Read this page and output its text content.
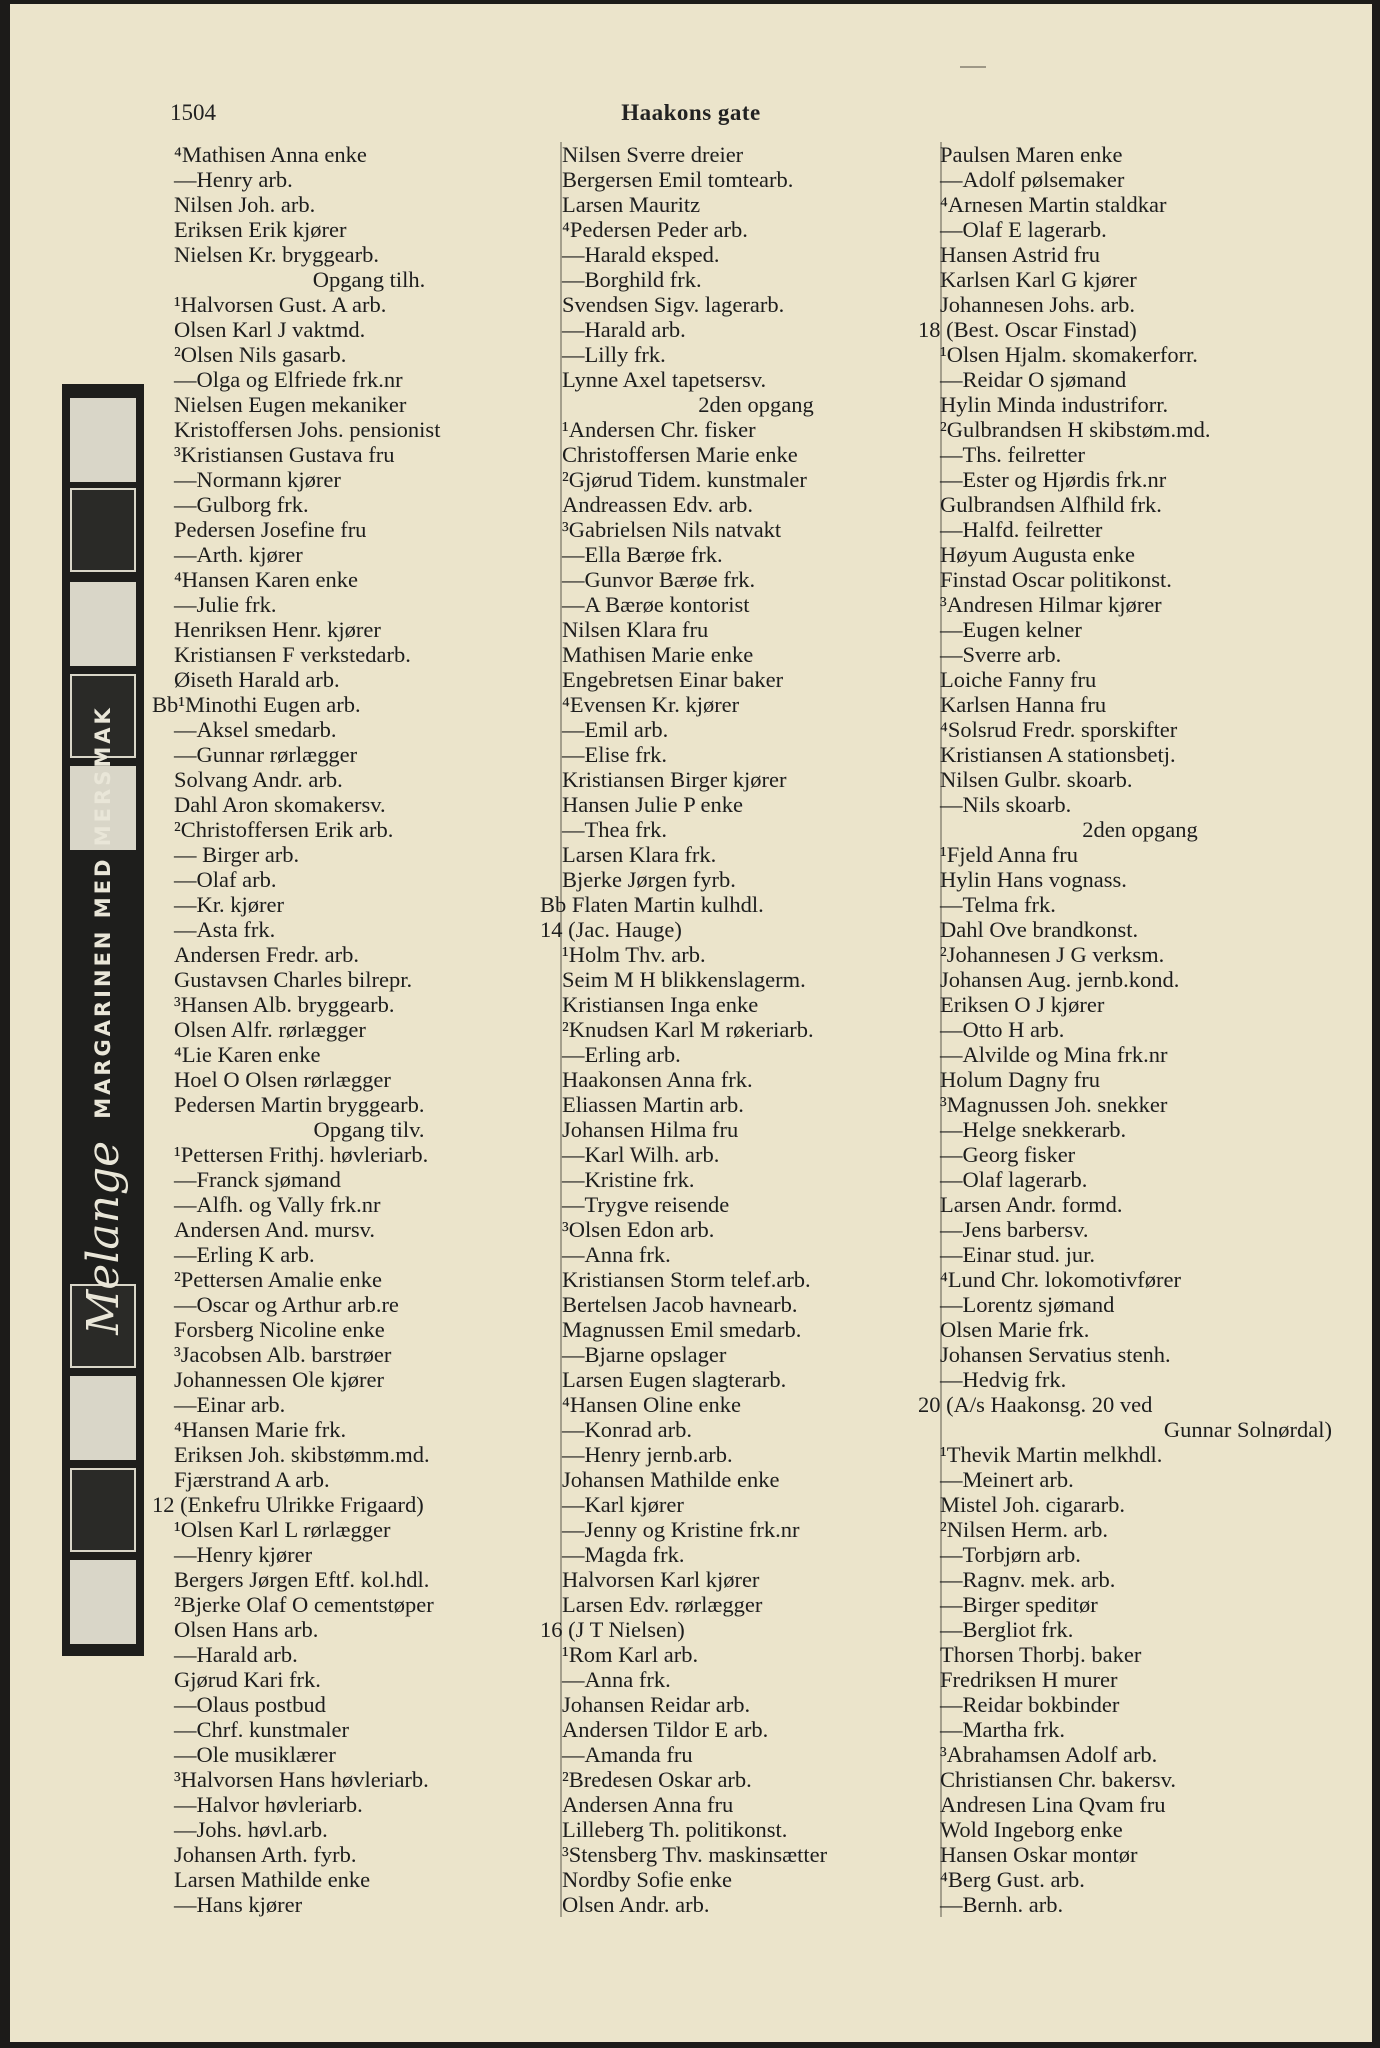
1504	Haakons gate
Melange
MARGARINEN MED MERSMAK
⁴Mathisen Anna enke
—Henry arb.
Nilsen Joh. arb.
Eriksen Erik kjører
Nielsen Kr. bryggearb.
Opgang tilh.
¹Halvorsen Gust. A arb.
Olsen Karl J vaktmd.
²Olsen Nils gasarb.
—Olga og Elfriede frk.nr
Nielsen Eugen mekaniker
Kristoffersen Johs. pensionist
³Kristiansen Gustava fru
—Normann kjører
—Gulborg frk.
Pedersen Josefine fru
—Arth. kjører
⁴Hansen Karen enke
—Julie frk.
Henriksen Henr. kjører
Kristiansen F verkstedarb.
Øiseth Harald arb.
Bb¹Minothi Eugen arb.
—Aksel smedarb.
—Gunnar rørlægger
Solvang Andr. arb.
Dahl Aron skomakersv.
²Christoffersen Erik arb.
— Birger arb.
—Olaf arb.
—Kr. kjører
—Asta frk.
Andersen Fredr. arb.
Gustavsen Charles bilrepr.
³Hansen Alb. bryggearb.
Olsen Alfr. rørlægger
⁴Lie Karen enke
Hoel O Olsen rørlægger
Pedersen Martin bryggearb.
Opgang tilv.
¹Pettersen Frithj. høvleriarb.
—Franck sjømand
—Alfh. og Vally frk.nr
Andersen And. mursv.
—Erling K arb.
²Pettersen Amalie enke
—Oscar og Arthur arb.re
Forsberg Nicoline enke
³Jacobsen Alb. barstrøer
Johannessen Ole kjører
—Einar arb.
⁴Hansen Marie frk.
Eriksen Joh. skibstømm.md.
Fjærstrand A arb.
12 (Enkefru Ulrikke Frigaard)
¹Olsen Karl L rørlægger
—Henry kjører
Bergers Jørgen Eftf. kol.hdl.
²Bjerke Olaf O cementstøper
Olsen Hans arb.
—Harald arb.
Gjørud Kari frk.
—Olaus postbud
—Chrf. kunstmaler
—Ole musiklærer
³Halvorsen Hans høvleriarb.
—Halvor høvleriarb.
—Johs. høvl.arb.
Johansen Arth. fyrb.
Larsen Mathilde enke
—Hans kjører
Nilsen Sverre dreier
Bergersen Emil tomtearb.
Larsen Mauritz
⁴Pedersen Peder arb.
—Harald eksped.
—Borghild frk.
Svendsen Sigv. lagerarb.
—Harald arb.
—Lilly frk.
Lynne Axel tapetsersv.
2den opgang
¹Andersen Chr. fisker
Christoffersen Marie enke
²Gjørud Tidem. kunstmaler
Andreassen Edv. arb.
³Gabrielsen Nils natvakt
—Ella Bærøe frk.
—Gunvor Bærøe frk.
—A Bærøe kontorist
Nilsen Klara fru
Mathisen Marie enke
Engebretsen Einar baker
⁴Evensen Kr. kjører
—Emil arb.
—Elise frk.
Kristiansen Birger kjører
Hansen Julie P enke
—Thea frk.
Larsen Klara frk.
Bjerke Jørgen fyrb.
Bb Flaten Martin kulhdl.
14 (Jac. Hauge)
¹Holm Thv. arb.
Seim M H blikkenslagerm.
Kristiansen Inga enke
²Knudsen Karl M røkeriarb.
—Erling arb.
Haakonsen Anna frk.
Eliassen Martin arb.
Johansen Hilma fru
—Karl Wilh. arb.
—Kristine frk.
—Trygve reisende
³Olsen Edon arb.
—Anna frk.
Kristiansen Storm telef.arb.
Bertelsen Jacob havnearb.
Magnussen Emil smedarb.
—Bjarne opslager
Larsen Eugen slagterarb.
⁴Hansen Oline enke
—Konrad arb.
—Henry jernb.arb.
Johansen Mathilde enke
—Karl kjører
—Jenny og Kristine frk.nr
—Magda frk.
Halvorsen Karl kjører
Larsen Edv. rørlægger
16 (J T Nielsen)
¹Rom Karl arb.
—Anna frk.
Johansen Reidar arb.
Andersen Tildor E arb.
—Amanda fru
²Bredesen Oskar arb.
Andersen Anna fru
Lilleberg Th. politikonst.
³Stensberg Thv. maskinsætter
Nordby Sofie enke
Olsen Andr. arb.
Paulsen Maren enke
—Adolf pølsemaker
⁴Arnesen Martin staldkar
—Olaf E lagerarb.
Hansen Astrid fru
Karlsen Karl G kjører
Johannesen Johs. arb.
18 (Best. Oscar Finstad)
¹Olsen Hjalm. skomakerforr.
—Reidar O sjømand
Hylin Minda industriforr.
²Gulbrandsen H skibstøm.md.
—Ths. feilretter
—Ester og Hjørdis frk.nr
Gulbrandsen Alfhild frk.
—Halfd. feilretter
Høyum Augusta enke
Finstad Oscar politikonst.
³Andresen Hilmar kjører
—Eugen kelner
—Sverre arb.
Loiche Fanny fru
Karlsen Hanna fru
⁴Solsrud Fredr. sporskifter
Kristiansen A stationsbetj.
Nilsen Gulbr. skoarb.
—Nils skoarb.
2den opgang
¹Fjeld Anna fru
Hylin Hans vognass.
—Telma frk.
Dahl Ove brandkonst.
²Johannesen J G verksm.
Johansen Aug. jernb.kond.
Eriksen O J kjører
—Otto H arb.
—Alvilde og Mina frk.nr
Holum Dagny fru
³Magnussen Joh. snekker
—Helge snekkerarb.
—Georg fisker
—Olaf lagerarb.
Larsen Andr. formd.
—Jens barbersv.
—Einar stud. jur.
⁴Lund Chr. lokomotivfører
—Lorentz sjømand
Olsen Marie frk.
Johansen Servatius stenh.
—Hedvig frk.
20 (A/s Haakonsg. 20 ved
Gunnar Solnørdal)
¹Thevik Martin melkhdl.
—Meinert arb.
Mistel Joh. cigararb.
²Nilsen Herm. arb.
—Torbjørn arb.
—Ragnv. mek. arb.
—Birger speditør
—Bergliot frk.
Thorsen Thorbj. baker
Fredriksen H murer
—Reidar bokbinder
—Martha frk.
³Abrahamsen Adolf arb.
Christiansen Chr. bakersv.
Andresen Lina Qvam fru
Wold Ingeborg enke
Hansen Oskar montør
⁴Berg Gust. arb.
—Bernh. arb.
